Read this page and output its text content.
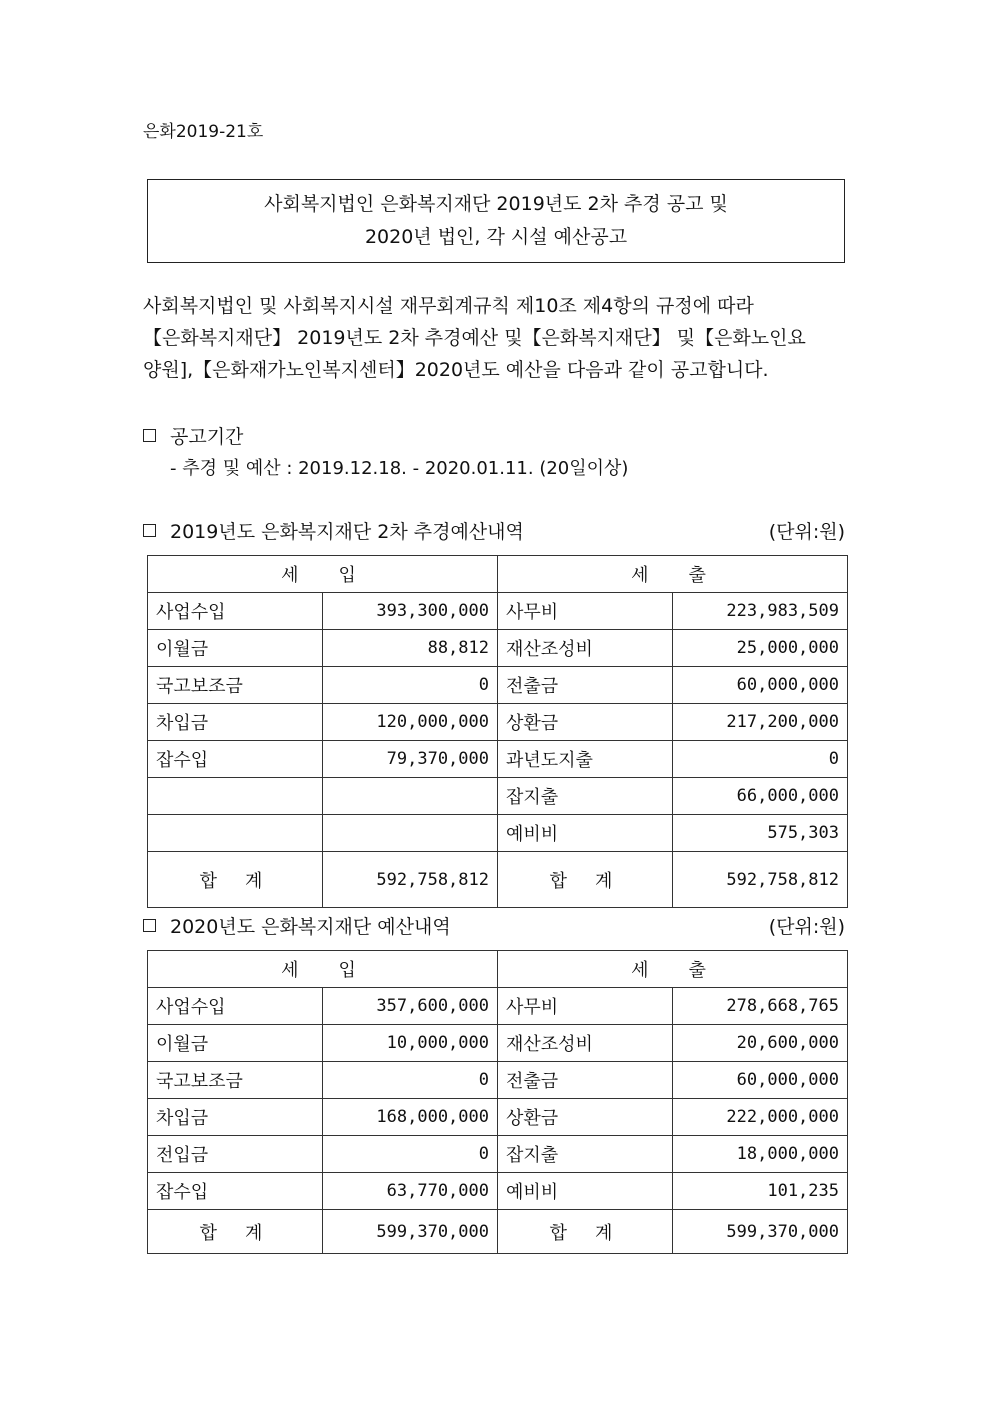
은화2019-21호
사회복지법인 은화복지재단 2019년도 2차 추경 공고 및
2020년 법인, 각 시설 예산공고
사회복지법인 및 사회복지시설 재무회계규칙 제10조 제4항의 규정에 따라
【은화복지재단】 2019년도 2차 추경예산 및【은화복지재단】 및【은화노인요
양원],【은화재가노인복지센터】2020년도 예산을 다음과 같이 공고합니다.
공고기간
- 추경 및 예산 : 2019.12.18. - 2020.01.11. (20일이상)
2019년도 은화복지재단 2차 추경예산내역	(단위:원)
세입		세출	
사업수입	393,300,000	사무비	223,983,509
이월금	88,812	재산조성비	25,000,000
국고보조금	0	전출금	60,000,000
차입금	120,000,000	상환금	217,200,000
잡수입	79,370,000	과년도지출	0
		잡지출	66,000,000
		예비비	575,303
합계	592,758,812	합계	592,758,812
2020년도 은화복지재단 예산내역	(단위:원)
세입		세출	
사업수입	357,600,000	사무비	278,668,765
이월금	10,000,000	재산조성비	20,600,000
국고보조금	0	전출금	60,000,000
차입금	168,000,000	상환금	222,000,000
전입금	0	잡지출	18,000,000
잡수입	63,770,000	예비비	101,235
합계	599,370,000	합계	599,370,000
